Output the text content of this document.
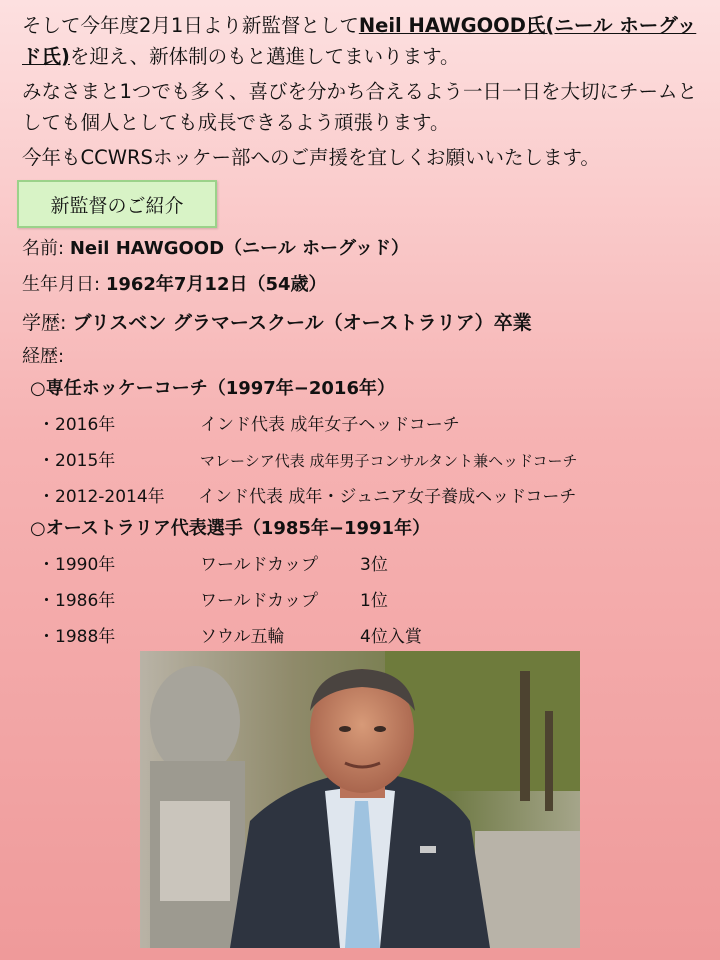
そして今年度2月1日より新監督としてNeil HAWGOOD氏(ニール ホーグッド氏)を迎え、新体制のもと邁進してまいります。

みなさまと1つでも多く、喜びを分かち合えるよう一日一日を大切にチームとしても個人としても成長できるよう頑張ります。

今年もCCWRSホッケー部へのご声援を宜しくお願いいたします。

新監督のご紹介
名前: Neil HAWGOOD（ニール ホーグッド）
生年月日: 1962年7月12日（54歳）
学歴: ブリスベン グラマースクール（オーストラリア）卒業
経歴:
○専任ホッケーコーチ（1997年−2016年）
・2016年	インド代表 成年女子ヘッドコーチ
・2015年	マレーシア代表 成年男子コンサルタント兼ヘッドコーチ
・2012-2014年 インド代表 成年・ジュニア女子養成ヘッドコーチ
○オーストラリア代表選手（1985年−1991年）
・1990年	ワールドカップ 3位
・1986年	ワールドカップ 1位
・1988年	ソウル五輪	4位入賞
